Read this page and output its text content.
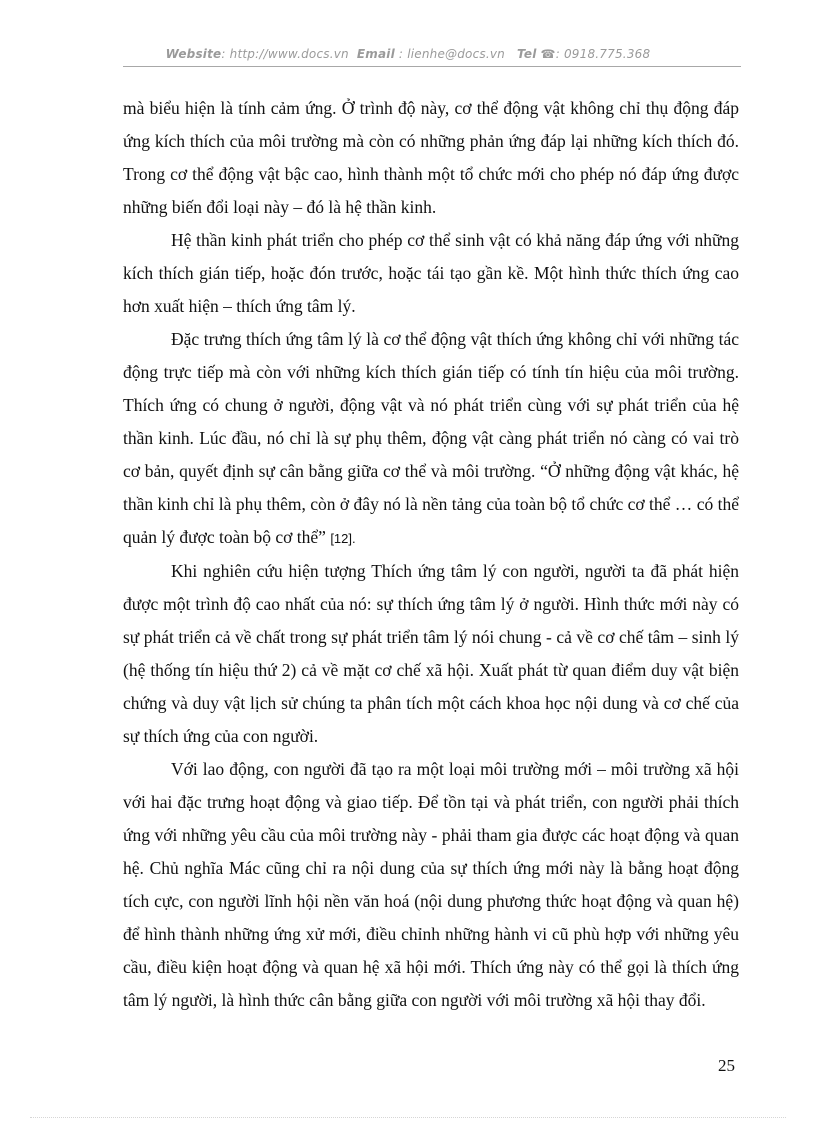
Website: http://www.docs.vn Email : lienhe@docs.vn Tel ☎: 0918.775.368

mà biểu hiện là tính cảm ứng. Ở trình độ này, cơ thể động vật không chỉ thụ động đáp ứng kích thích của môi trường mà còn có những phản ứng đáp lại những kích thích đó. Trong cơ thể động vật bậc cao, hình thành một tổ chức mới cho phép nó đáp ứng được những biến đổi loại này – đó là hệ thần kinh.

Hệ thần kinh phát triển cho phép cơ thể sinh vật có khả năng đáp ứng với những kích thích gián tiếp, hoặc đón trước, hoặc tái tạo gần kề. Một hình thức thích ứng cao hơn xuất hiện – thích ứng tâm lý.

Đặc trưng thích ứng tâm lý là cơ thể động vật thích ứng không chỉ với những tác động trực tiếp mà còn với những kích thích gián tiếp có tính tín hiệu của môi trường. Thích ứng có chung ở người, động vật và nó phát triển cùng với sự phát triển của hệ thần kinh. Lúc đầu, nó chỉ là sự phụ thêm, động vật càng phát triển nó càng có vai trò cơ bản, quyết định sự cân bằng giữa cơ thể và môi trường. “Ở những động vật khác, hệ thần kinh chỉ là phụ thêm, còn ở đây nó là nền tảng của toàn bộ tổ chức cơ thể … có thể quản lý được toàn bộ cơ thể” [12].

Khi nghiên cứu hiện tượng Thích ứng tâm lý con người, người ta đã phát hiện được một trình độ cao nhất của nó: sự thích ứng tâm lý ở người. Hình thức mới này có sự phát triển cả về chất trong sự phát triển tâm lý nói chung - cả về cơ chế tâm – sinh lý (hệ thống tín hiệu thứ 2) cả về mặt cơ chế xã hội. Xuất phát từ quan điểm duy vật biện chứng và duy vật lịch sử chúng ta phân tích một cách khoa học nội dung và cơ chế của sự thích ứng của con người.

Với lao động, con người đã tạo ra một loại môi trường mới – môi trường xã hội với hai đặc trưng hoạt động và giao tiếp. Để tồn tại và phát triển, con người phải thích ứng với những yêu cầu của môi trường này - phải tham gia được các hoạt động và quan hệ. Chủ nghĩa Mác cũng chỉ ra nội dung của sự thích ứng mới này là bằng hoạt động tích cực, con người lĩnh hội nền văn hoá (nội dung phương thức hoạt động và quan hệ) để hình thành những ứng xử mới, điều chỉnh những hành vi cũ phù hợp với những yêu cầu, điều kiện hoạt động và quan hệ xã hội mới. Thích ứng này có thể gọi là thích ứng tâm lý người, là hình thức cân bằng giữa con người với môi trường xã hội thay đổi.

25
